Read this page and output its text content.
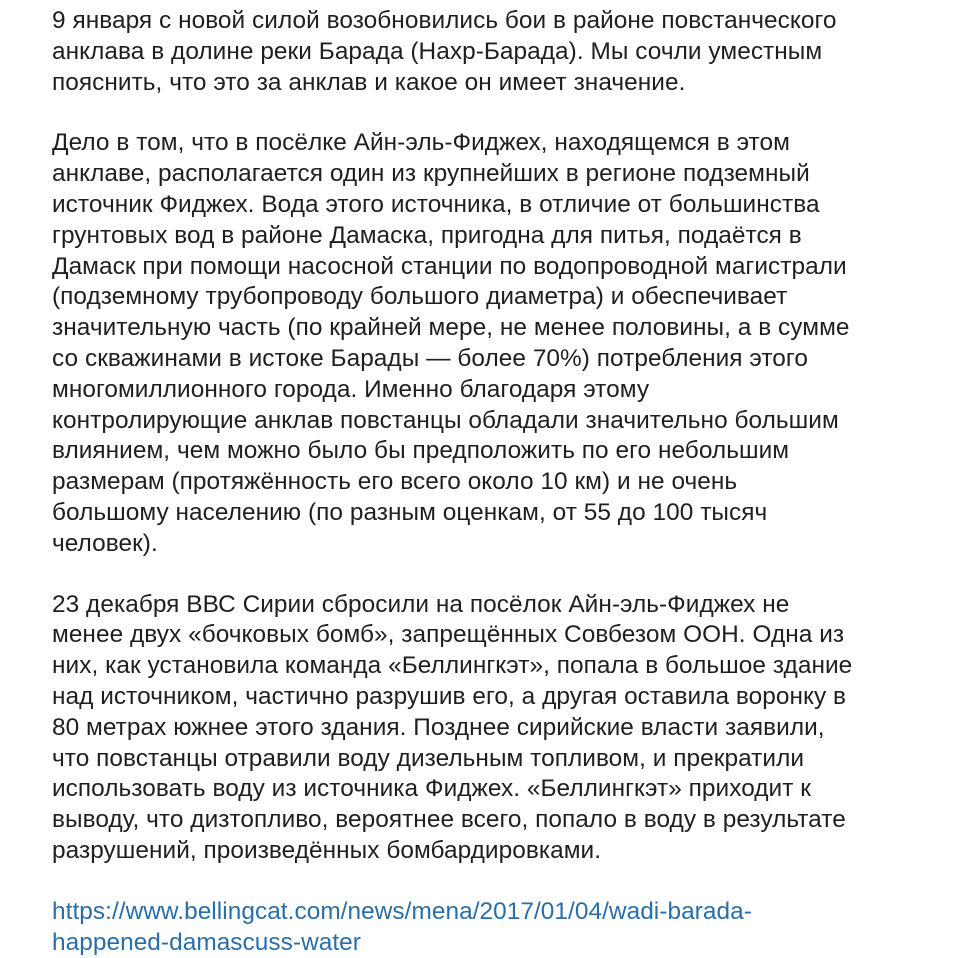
9 января с новой силой возобновились бои в районе повстанческого
анклава в долине реки Барада (Нахр-Барада). Мы сочли уместным
пояснить, что это за анклав и какое он имеет значение.
Дело в том, что в посёлке Айн-эль-Фиджех, находящемся в этом
анклаве, располагается один из крупнейших в регионе подземный
источник Фиджех. Вода этого источника, в отличие от большинства
грунтовых вод в районе Дамаска, пригодна для питья, подаётся в
Дамаск при помощи насосной станции по водопроводной магистрали
(подземному трубопроводу большого диаметра) и обеспечивает
значительную часть (по крайней мере, не менее половины, а в сумме
со скважинами в истоке Барады — более 70%) потребления этого
многомиллионного города. Именно благодаря этому
контролирующие анклав повстанцы обладали значительно большим
влиянием, чем можно было бы предположить по его небольшим
размерам (протяжённость его всего около 10 км) и не очень
большому населению (по разным оценкам, от 55 до 100 тысяч
человек).
23 декабря ВВС Сирии сбросили на посёлок Айн-эль-Фиджех не
менее двух «бочковых бомб», запрещённых Совбезом ООН. Одна из
них, как установила команда «Беллингкэт», попала в большое здание
над источником, частично разрушив его, а другая оставила воронку в
80 метрах южнее этого здания. Позднее сирийские власти заявили,
что повстанцы отравили воду дизельным топливом, и прекратили
использовать воду из источника Фиджех. «Беллингкэт» приходит к
выводу, что дизтопливо, вероятнее всего, попало в воду в результате
разрушений, произведённых бомбардировками.
https://www.bellingcat.com/news/mena/2017/01/04/wadi-barada-
happened-damascuss-water
